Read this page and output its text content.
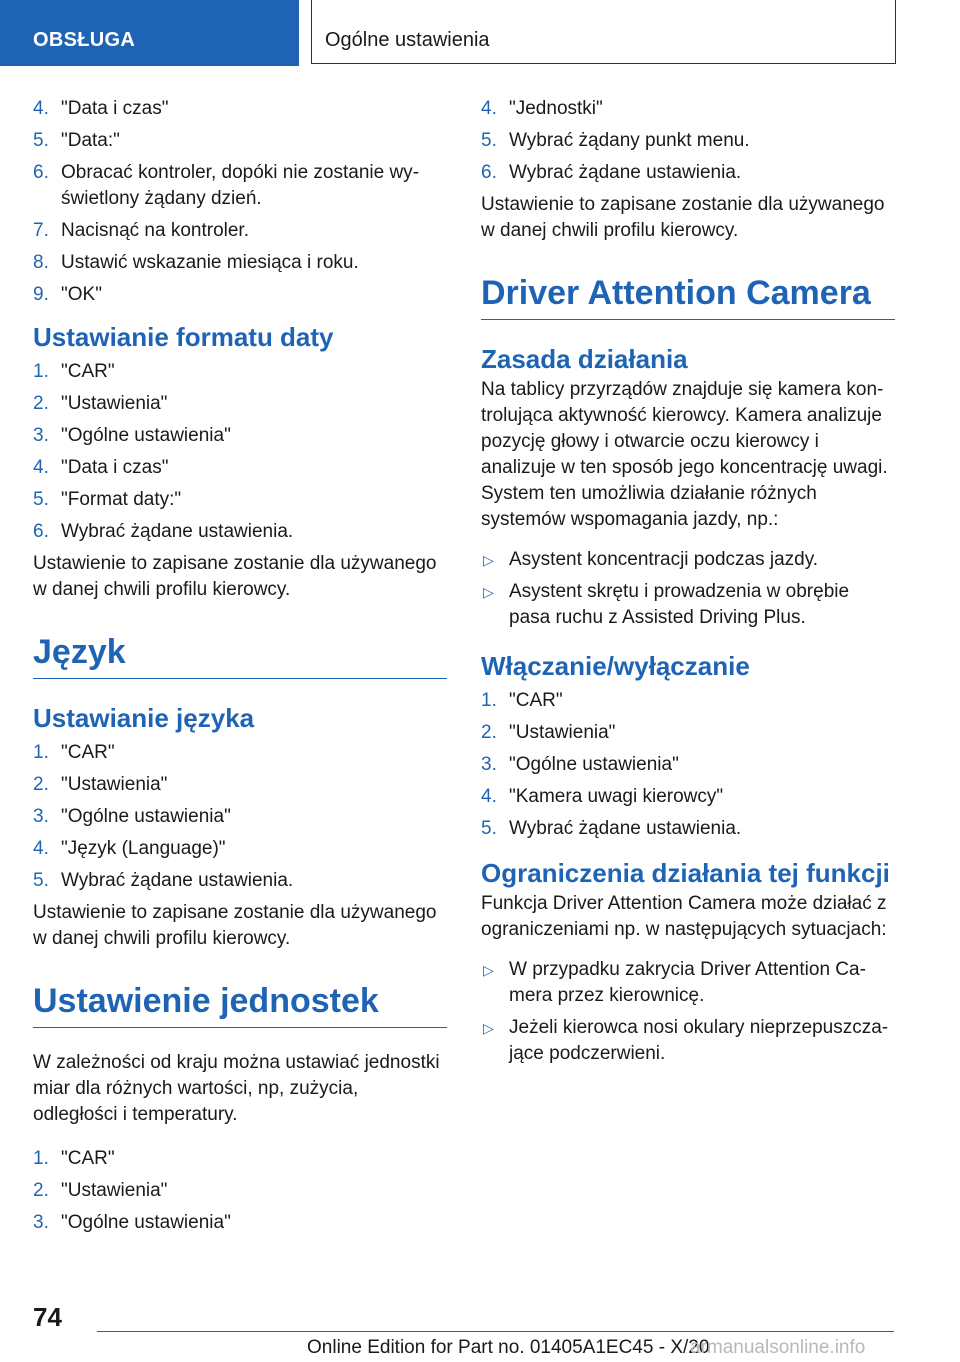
OBSŁUGA	Ogólne ustawienia
4. "Data i czas"
5. "Data:"
6. Obracać kontroler, dopóki nie zostanie wyświetlony żądany dzień.
7. Nacisnąć na kontroler.
8. Ustawić wskazanie miesiąca i roku.
9. "OK"
Ustawianie formatu daty
1. "CAR"
2. "Ustawienia"
3. "Ogólne ustawienia"
4. "Data i czas"
5. "Format daty:"
6. Wybrać żądane ustawienia.

Ustawienie to zapisane zostanie dla używanego w danej chwili profilu kierowcy.

Język
Ustawianie języka
1. "CAR"
2. "Ustawienia"
3. "Ogólne ustawienia"
4. "Język (Language)"
5. Wybrać żądane ustawienia.

Ustawienie to zapisane zostanie dla używanego w danej chwili profilu kierowcy.

Ustawienie jednostek

W zależności od kraju można ustawiać jednostki miar dla różnych wartości, np, zużycia, odległości i temperatury.

1. "CAR"
2. "Ustawienia"
3. "Ogólne ustawienia"
4. "Jednostki"
5. Wybrać żądany punkt menu.
6. Wybrać żądane ustawienia.

Ustawienie to zapisane zostanie dla używanego w danej chwili profilu kierowcy.

Driver Attention Camera
Zasada działania

Na tablicy przyrządów znajduje się kamera kontrolująca aktywność kierowcy. Kamera analizuje pozycję głowy i otwarcie oczu kierowcy i analizuje w ten sposób jego koncentrację uwagi. System ten umożliwia działanie różnych systemów wspomagania jazdy, np.:

▷ Asystent koncentracji podczas jazdy.
▷ Asystent skrętu i prowadzenia w obrębie pasa ruchu z Assisted Driving Plus.
Włączanie/wyłączanie
1. "CAR"
2. "Ustawienia"
3. "Ogólne ustawienia"
4. "Kamera uwagi kierowcy"
5. Wybrać żądane ustawienia.
Ograniczenia działania tej funkcji

Funkcja Driver Attention Camera może działać z ograniczeniami np. w następujących sytuacjach:

▷ W przypadku zakrycia Driver Attention Camera przez kierownicę.
▷ Jeżeli kierowca nosi okulary nieprzepuszczające podczerwieni.
74
Online Edition for Part no. 01405A1EC45 - X/20
armanualsonline.info
